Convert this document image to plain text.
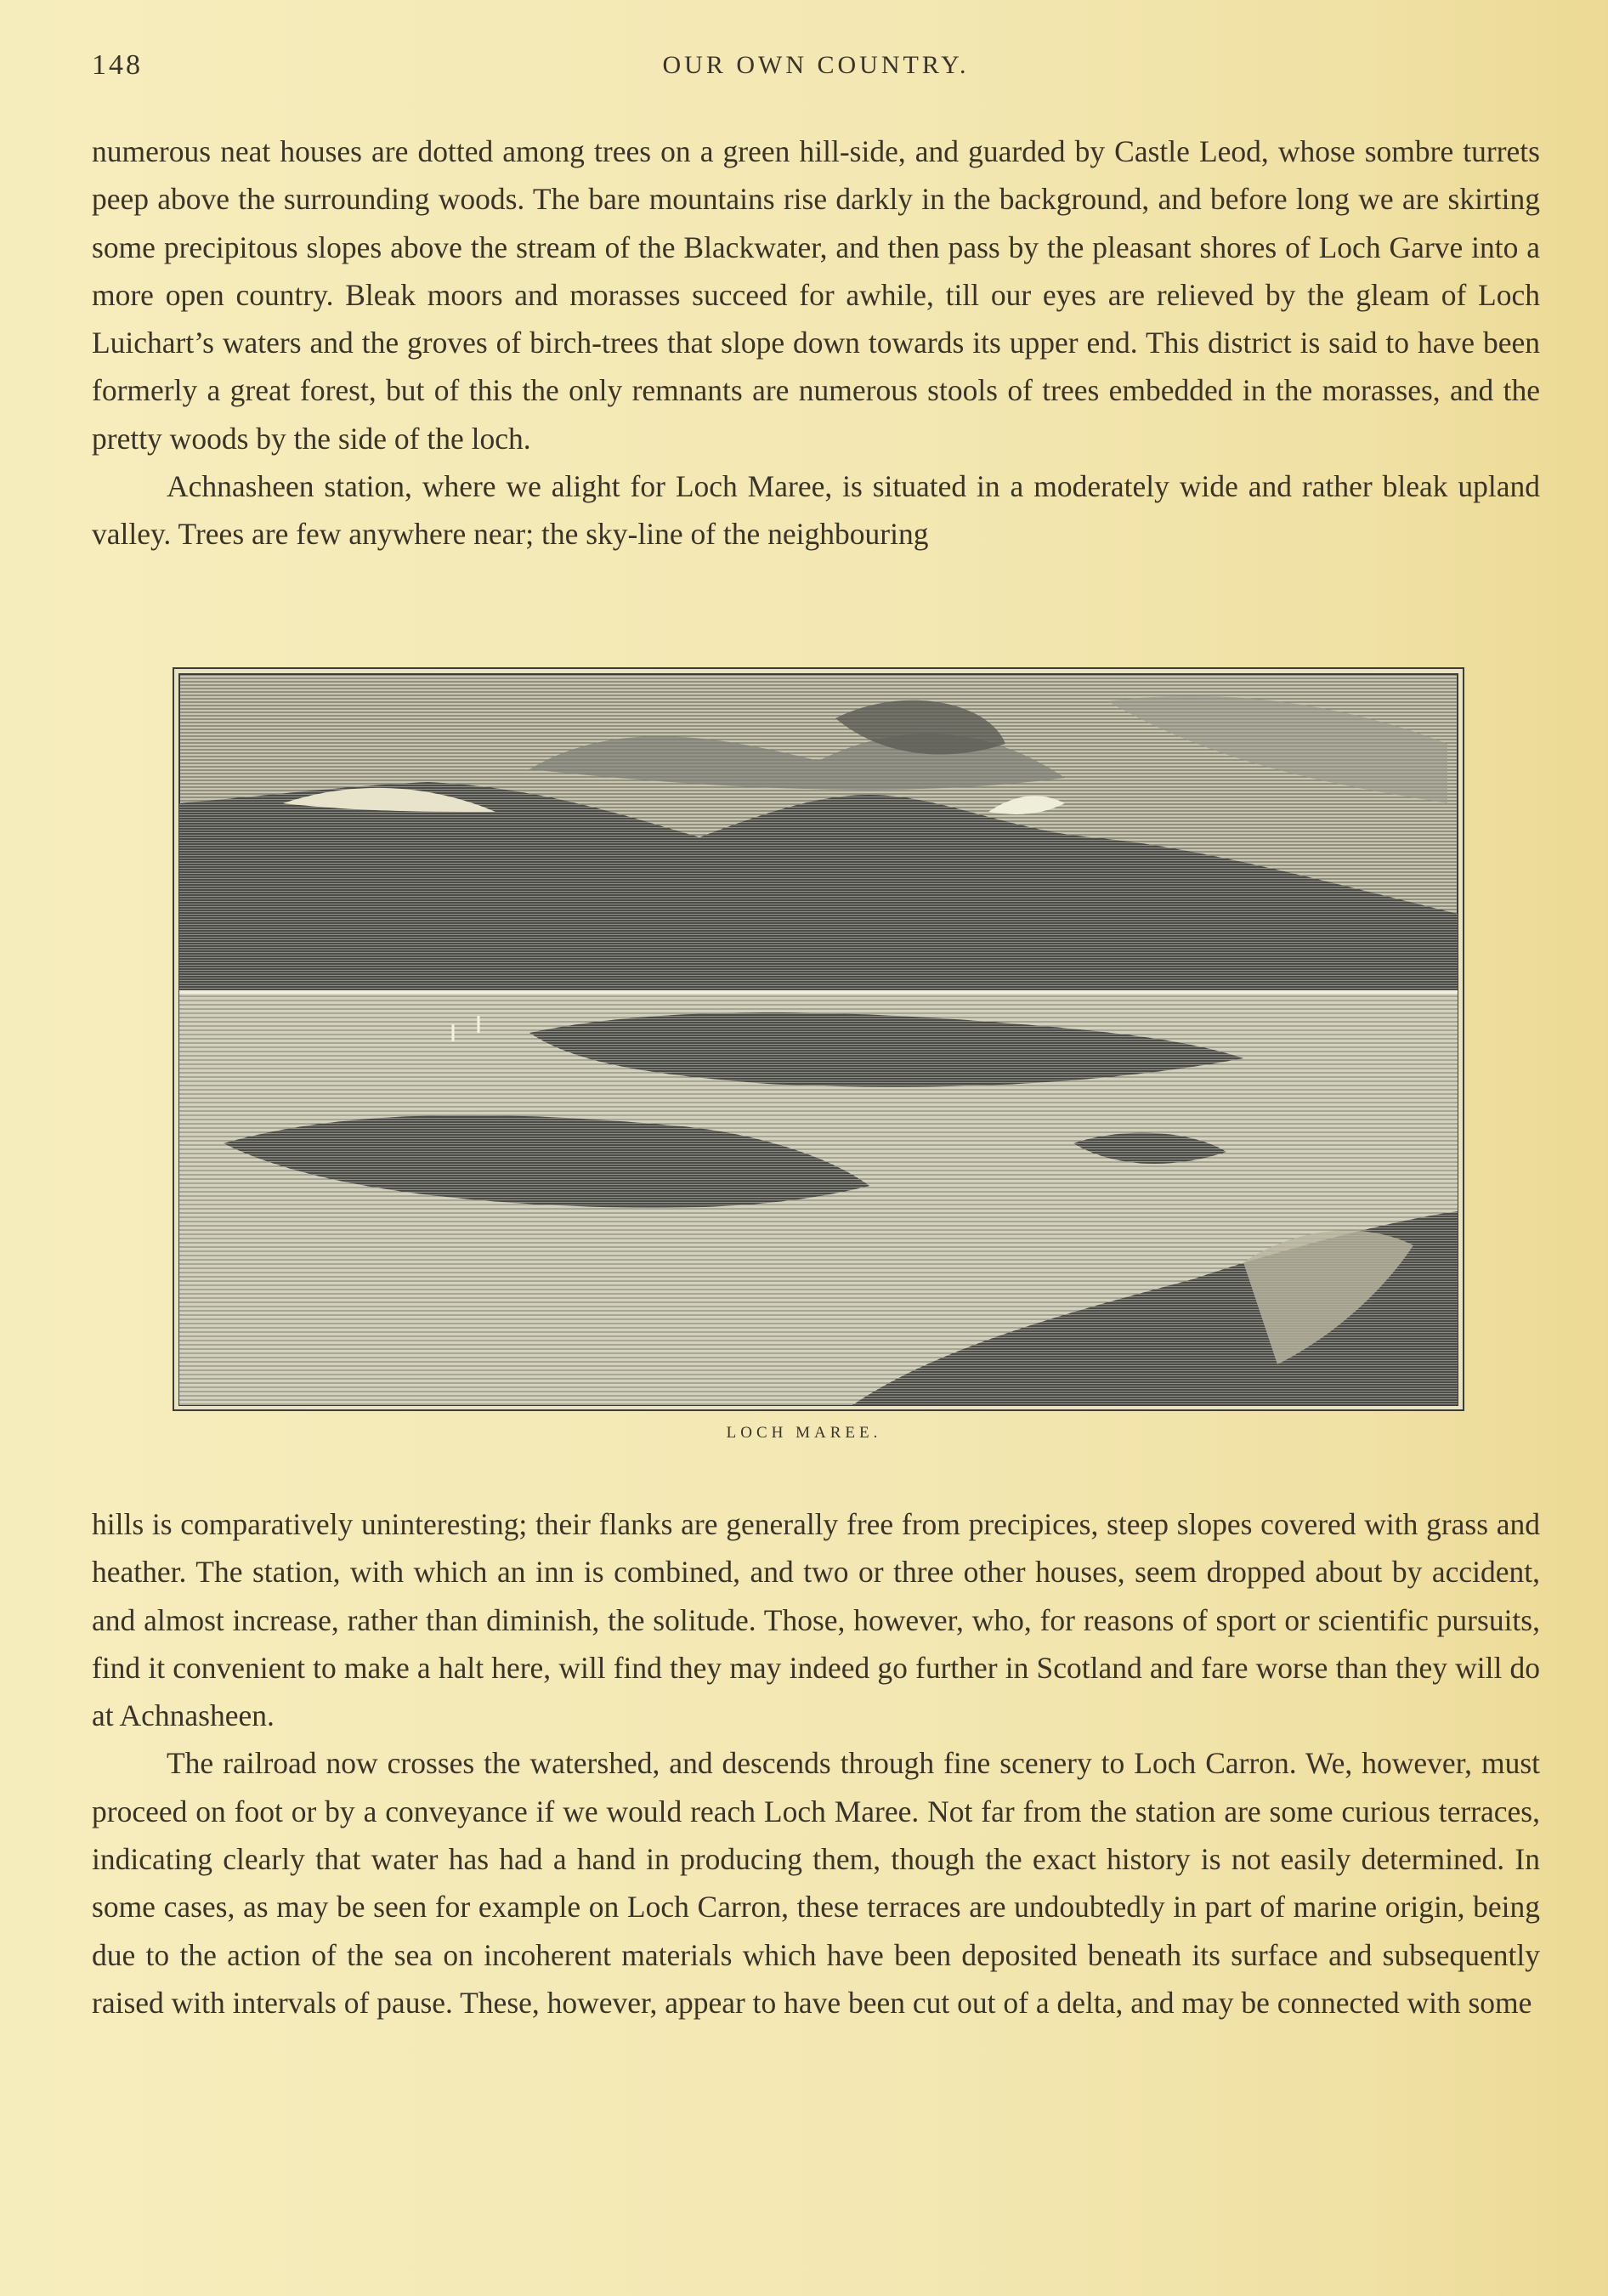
148	OUR OWN COUNTRY.

numerous neat houses are dotted among trees on a green hill-side, and guarded by Castle Leod, whose sombre turrets peep above the surrounding woods. The bare mountains rise darkly in the background, and before long we are skirting some precipitous slopes above the stream of the Blackwater, and then pass by the pleasant shores of Loch Garve into a more open country. Bleak moors and morasses succeed for awhile, till our eyes are relieved by the gleam of Loch Luichart’s waters and the groves of birch-trees that slope down towards its upper end. This district is said to have been formerly a great forest, but of this the only remnants are numerous stools of trees embedded in the morasses, and the pretty woods by the side of the loch.

Achnasheen station, where we alight for Loch Maree, is situated in a moderately wide and rather bleak upland valley. Trees are few anywhere near; the sky-line of the neighbouring

LOCH MAREE.

hills is comparatively uninteresting; their flanks are generally free from precipices, steep slopes covered with grass and heather. The station, with which an inn is combined, and two or three other houses, seem dropped about by accident, and almost increase, rather than diminish, the solitude. Those, however, who, for reasons of sport or scientific pursuits, find it convenient to make a halt here, will find they may indeed go further in Scotland and fare worse than they will do at Achnasheen.

The railroad now crosses the watershed, and descends through fine scenery to Loch Carron. We, however, must proceed on foot or by a conveyance if we would reach Loch Maree. Not far from the station are some curious terraces, indicating clearly that water has had a hand in producing them, though the exact history is not easily determined. In some cases, as may be seen for example on Loch Carron, these terraces are undoubtedly in part of marine origin, being due to the action of the sea on incoherent materials which have been deposited beneath its surface and subsequently raised with intervals of pause. These, however, appear to have been cut out of a delta, and may be connected with some
